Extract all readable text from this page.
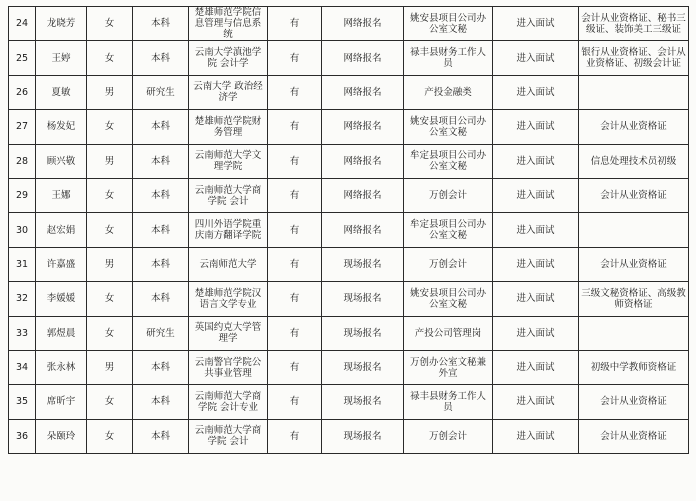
24	龙晓芳	女	本科	楚雄师范学院信息管理与信息系统	有	网络报名	姚安县项目公司办公室文秘	进入面试	会计从业资格证、秘书三级证、装饰美工三级证
25	王婷	女	本科	云南大学滇池学院 会计学	有	网络报名	禄丰县财务工作人员	进入面试	银行从业资格证、会计从业资格证、初级会计证
26	夏敏	男	研究生	云南大学 政治经济学	有	网络报名	产投金融类	进入面试	
27	杨发妃	女	本科	楚雄师范学院财务管理	有	网络报名	姚安县项目公司办公室文秘	进入面试	会计从业资格证
28	顾兴敬	男	本科	云南师范大学文理学院	有	网络报名	牟定县项目公司办公室文秘	进入面试	信息处理技术员初级
29	王娜	女	本科	云南师范大学商学院 会计	有	网络报名	万创会计	进入面试	会计从业资格证
30	赵宏娟	女	本科	四川外语学院重庆南方翻译学院	有	网络报名	牟定县项目公司办公室文秘	进入面试	
31	许嘉盛	男	本科	云南师范大学	有	现场报名	万创会计	进入面试	会计从业资格证
32	李媛媛	女	本科	楚雄师范学院汉语言文学专业	有	现场报名	姚安县项目公司办公室文秘	进入面试	三级文秘资格证、高级教师资格证
33	郭煜晨	女	研究生	英国约克大学管理学	有	现场报名	产投公司管理岗	进入面试	
34	张永林	男	本科	云南警官学院公共事业管理	有	现场报名	万创办公室文秘兼外宣	进入面试	初级中学教师资格证
35	席昕宇	女	本科	云南师范大学商学院 会计专业	有	现场报名	禄丰县财务工作人员	进入面试	会计从业资格证
36	朵颐玲	女	本科	云南师范大学商学院 会计	有	现场报名	万创会计	进入面试	会计从业资格证
